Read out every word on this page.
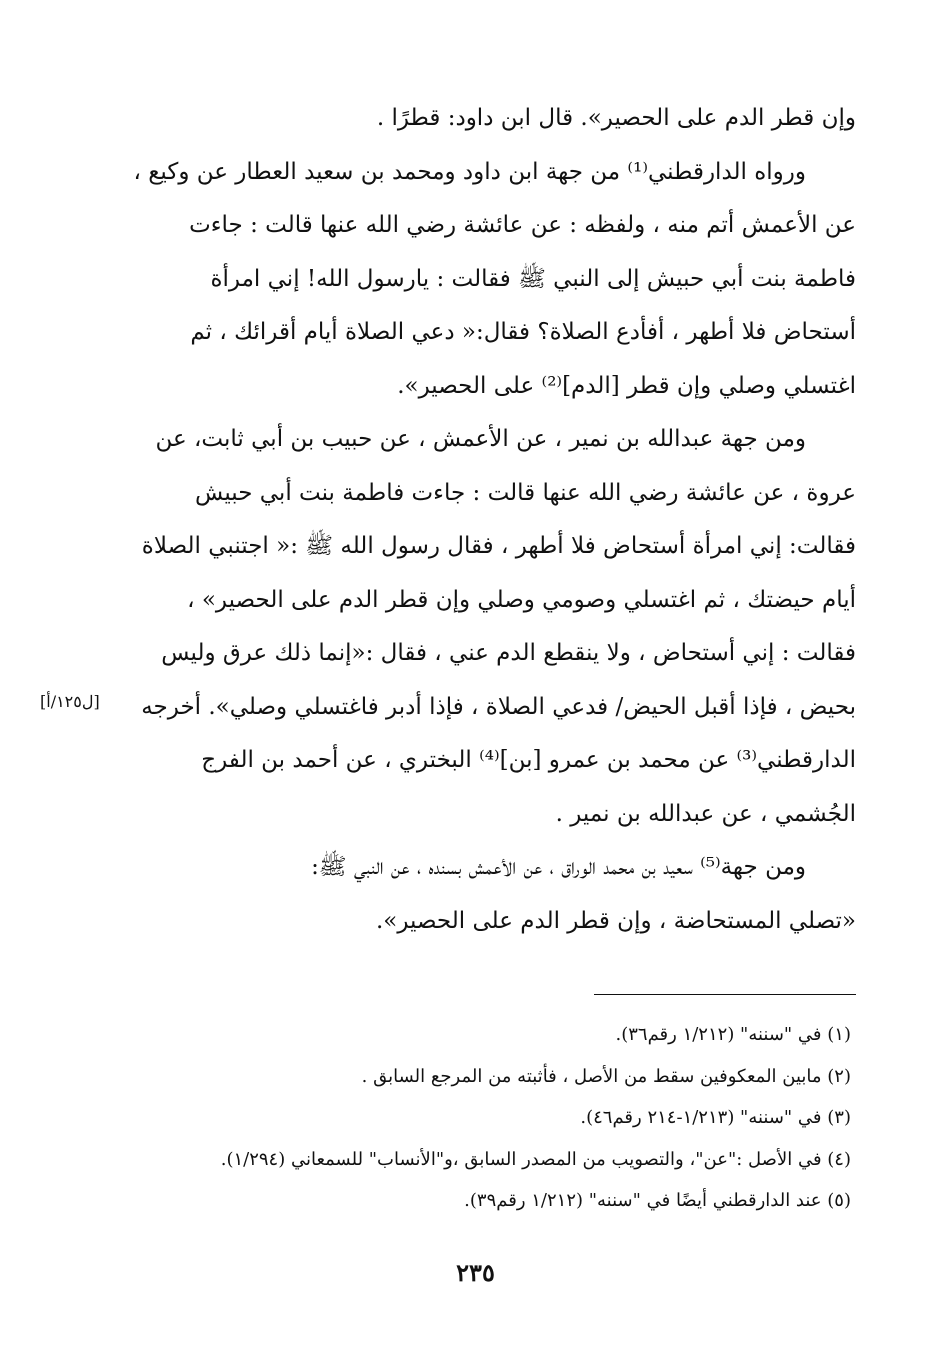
وإن قطر الدم على الحصير». قال ابن داود: قطرًا .
ورواه الدارقطني⁽¹⁾ من جهة ابن داود ومحمد بن سعيد العطار عن وكيع ،
عن الأعمش أتم منه ، ولفظه : عن عائشة رضي الله عنها قالت : جاءت
فاطمة بنت أبي حبيش إلى النبي ﷺ فقالت : يارسول الله! إني امرأة
أستحاض فلا أطهر ، أفأدع الصلاة؟ فقال:« دعي الصلاة أيام أقرائك ، ثم
اغتسلي وصلي وإن قطر [الدم]⁽²⁾ على الحصير».
ومن جهة عبدالله بن نمير ، عن الأعمش ، عن حبيب بن أبي ثابت، عن
عروة ، عن عائشة رضي الله عنها قالت : جاءت فاطمة بنت أبي حبيش
فقالت: إني امرأة أستحاض فلا أطهر ، فقال رسول الله ﷺ :« اجتنبي الصلاة
أيام حيضتك ، ثم اغتسلي وصومي وصلي وإن قطر الدم على الحصير» ،
فقالت : إني أستحاض ، ولا ينقطع الدم عني ، فقال :«إنما ذلك عرق وليس
بحيض ، فإذا أقبل الحيض/ فدعي الصلاة ، فإذا أدبر فاغتسلي وصلي». أخرجه
الدارقطني⁽³⁾ عن محمد بن عمرو [بن]⁽⁴⁾ البختري ، عن أحمد بن الفرج
الجُشمي ، عن عبدالله بن نمير .
ومن جهة⁽⁵⁾ سعيد بن محمد الوراق ، عن الأعمش بسنده ، عن النبي ﷺ:
«تصلي المستحاضة ، وإن قطر الدم على الحصير».
[ل١٢٥/أ]
(١) في "سننه" (١/٢١٢ رقم٣٦).
(٢) مابين المعكوفين سقط من الأصل ، فأثبته من المرجع السابق .
(٣) في "سننه" (١/٢١٣-٢١٤ رقم٤٦).
(٤) في الأصل :"عن"، والتصويب من المصدر السابق ،و"الأنساب" للسمعاني (١/٢٩٤).
(٥) عند الدارقطني أيضًا في "سننه" (١/٢١٢ رقم٣٩).
٢٣٥
